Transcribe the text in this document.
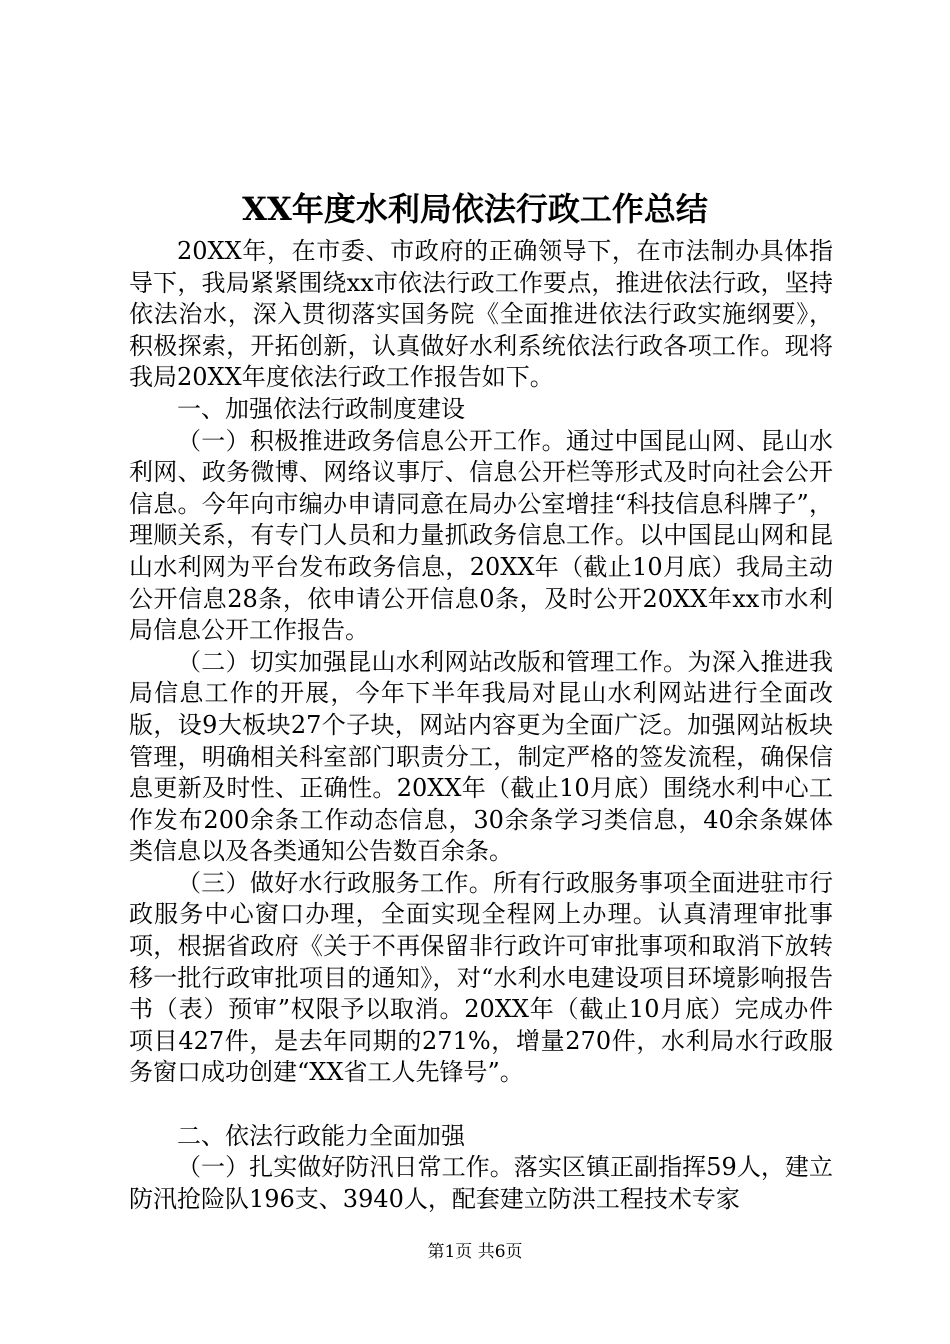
XX年度水利局依法行政工作总结

20XX年，在市委、市政府的正确领导下，在市法制办具体指导下，我局紧紧围绕xx市依法行政工作要点，推进依法行政，坚持依法治水，深入贯彻落实国务院《全面推进依法行政实施纲要》，积极探索，开拓创新，认真做好水利系统依法行政各项工作。现将我局20XX年度依法行政工作报告如下。

一、加强依法行政制度建设

（一）积极推进政务信息公开工作。通过中国昆山网、昆山水利网、政务微博、网络议事厅、信息公开栏等形式及时向社会公开信息。今年向市编办申请同意在局办公室增挂“科技信息科牌子”，理顺关系，有专门人员和力量抓政务信息工作。以中国昆山网和昆山水利网为平台发布政务信息，20XX年（截止10月底）我局主动公开信息28条，依申请公开信息0条，及时公开20XX年xx市水利局信息公开工作报告。

（二）切实加强昆山水利网站改版和管理工作。为深入推进我局信息工作的开展，今年下半年我局对昆山水利网站进行全面改版，设9大板块27个子块，网站内容更为全面广泛。加强网站板块管理，明确相关科室部门职责分工，制定严格的签发流程，确保信息更新及时性、正确性。20XX年（截止10月底）围绕水利中心工作发布200余条工作动态信息，30余条学习类信息，40余条媒体类信息以及各类通知公告数百余条。

（三）做好水行政服务工作。所有行政服务事项全面进驻市行政服务中心窗口办理，全面实现全程网上办理。认真清理审批事项，根据省政府《关于不再保留非行政许可审批事项和取消下放转移一批行政审批项目的通知》，对“水利水电建设项目环境影响报告书（表）预审”权限予以取消。20XX年（截止10月底）完成办件项目427件，是去年同期的271%，增量270件，水利局水行政服务窗口成功创建“XX省工人先锋号”。

二、依法行政能力全面加强

（一）扎实做好防汛日常工作。落实区镇正副指挥59人，建立防汛抢险队196支、3940人，配套建立防洪工程技术专家

第1页 共6页
